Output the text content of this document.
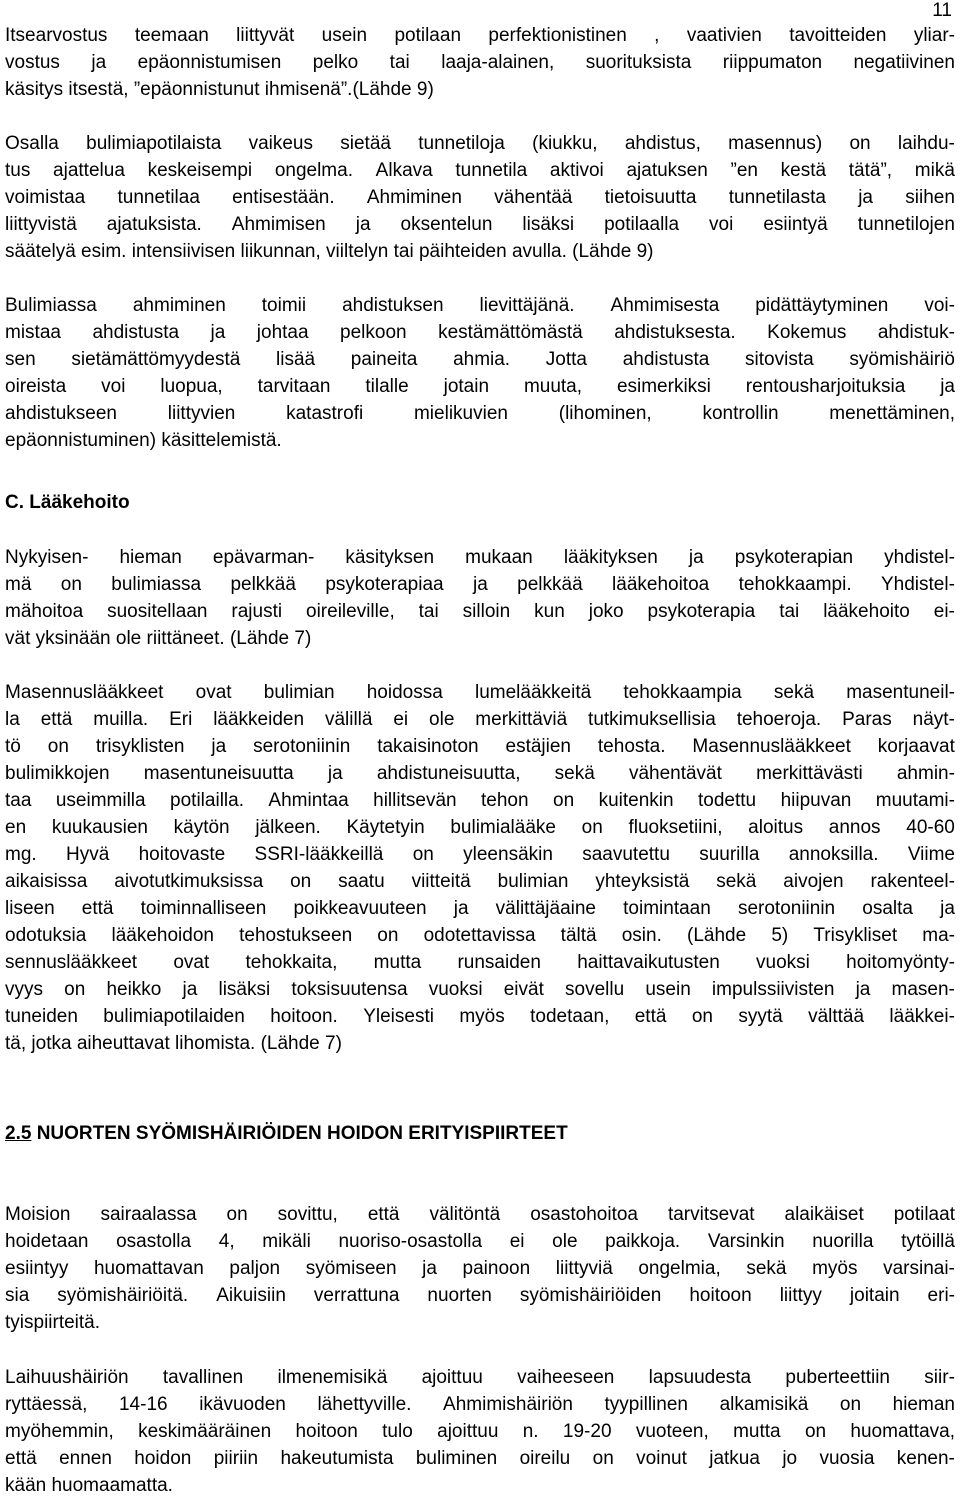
11
Itsearvostus teemaan liittyvät usein potilaan perfektionistinen , vaativien tavoitteiden yliar-
vostus ja epäonnistumisen pelko tai laaja-alainen, suorituksista riippumaton negatiivinen
käsitys itsestä, ”epäonnistunut ihmisenä”.(Lähde 9)
Osalla bulimiapotilaista vaikeus sietää tunnetiloja (kiukku, ahdistus, masennus) on laihdu-
tus ajattelua keskeisempi ongelma. Alkava tunnetila aktivoi ajatuksen ”en kestä tätä”, mikä
voimistaa tunnetilaa entisestään. Ahmiminen vähentää tietoisuutta tunnetilasta ja siihen
liittyvistä ajatuksista. Ahmimisen ja oksentelun lisäksi potilaalla voi esiintyä tunnetilojen
säätelyä esim. intensiivisen liikunnan, viiltelyn tai päihteiden avulla. (Lähde 9)
Bulimiassa ahmiminen toimii ahdistuksen lievittäjänä. Ahmimisesta pidättäytyminen voi-
mistaa ahdistusta ja johtaa pelkoon kestämättömästä ahdistuksesta. Kokemus ahdistuk-
sen sietämättömyydestä lisää paineita ahmia. Jotta ahdistusta sitovista syömishäiriö
oireista voi luopua, tarvitaan tilalle jotain muuta, esimerkiksi rentousharjoituksia ja
ahdistukseen	liittyvien	katastrofi	mielikuvien	(lihominen,	kontrollin	menettäminen,
epäonnistuminen) käsittelemistä.
C. Lääkehoito
Nykyisen- hieman epävarman- käsityksen mukaan lääkityksen ja psykoterapian yhdistel-
mä on bulimiassa pelkkää psykoterapiaa ja pelkkää lääkehoitoa tehokkaampi. Yhdistel-
mähoitoa suositellaan rajusti oireileville, tai silloin kun joko psykoterapia tai lääkehoito ei-
vät yksinään ole riittäneet. (Lähde 7)
Masennuslääkkeet ovat bulimian hoidossa lumelääkkeitä tehokkaampia sekä masentuneil-
la että muilla. Eri lääkkeiden välillä ei ole merkittäviä tutkimuksellisia tehoeroja. Paras näyt-
tö on trisyklisten ja serotoniinin takaisinoton estäjien tehosta. Masennuslääkkeet korjaavat
bulimikkojen masentuneisuutta ja ahdistuneisuutta, sekä vähentävät merkittävästi ahmin-
taa useimmilla potilailla. Ahmintaa hillitsevän tehon on kuitenkin todettu hiipuvan muutami-
en kuukausien käytön jälkeen. Käytetyin bulimialääke on fluoksetiini, aloitus annos 40-60
mg. Hyvä hoitovaste SSRI-lääkkeillä on yleensäkin saavutettu suurilla annoksilla. Viime
aikaisissa aivotutkimuksissa on saatu viitteitä bulimian yhteyksistä sekä aivojen rakenteel-
liseen että toiminnalliseen poikkeavuuteen ja välittäjäaine toimintaan serotoniinin osalta ja
odotuksia lääkehoidon tehostukseen on odotettavissa tältä osin. (Lähde 5) Trisykliset ma-
sennuslääkkeet ovat tehokkaita, mutta runsaiden haittavaikutusten vuoksi hoitomyönty-
vyys on heikko ja lisäksi toksisuutensa vuoksi eivät sovellu usein impulssiivisten ja masen-
tuneiden bulimiapotilaiden hoitoon. Yleisesti myös todetaan, että on syytä välttää lääkkei-
tä, jotka aiheuttavat lihomista. (Lähde 7)
2.5 NUORTEN SYÖMISHÄIRIÖIDEN HOIDON ERITYISPIIRTEET
Moision sairaalassa on sovittu, että välitöntä osastohoitoa tarvitsevat alaikäiset potilaat
hoidetaan osastolla 4, mikäli nuoriso-osastolla ei ole paikkoja. Varsinkin nuorilla tytöillä
esiintyy huomattavan paljon syömiseen ja painoon liittyviä ongelmia, sekä myös varsinai-
sia syömishäiriöitä. Aikuisiin verrattuna nuorten syömishäiriöiden hoitoon liittyy joitain eri-
tyispiirteitä.
Laihuushäiriön tavallinen ilmenemisikä ajoittuu vaiheeseen lapsuudesta puberteettiin siir-
ryttäessä, 14-16 ikävuoden lähettyville. Ahmimishäiriön tyypillinen alkamisikä on hieman
myöhemmin, keskimääräinen hoitoon tulo ajoittuu n. 19-20 vuoteen, mutta on huomattava,
että ennen hoidon piiriin hakeutumista buliminen oireilu on voinut jatkua jo vuosia kenen-
kään huomaamatta.
